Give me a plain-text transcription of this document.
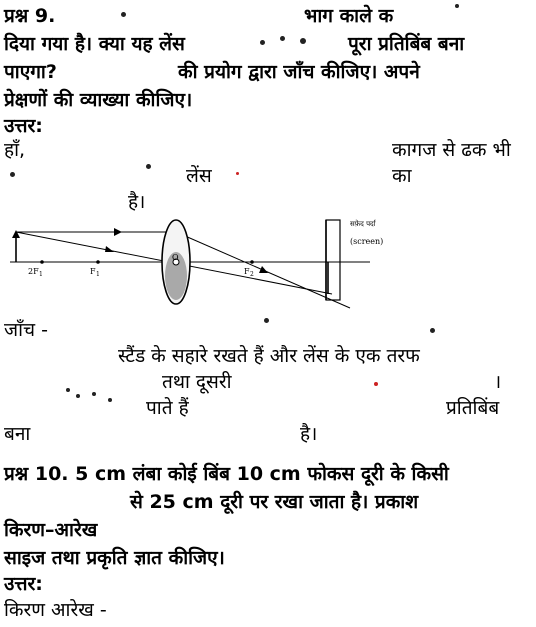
प्रश्न 9.	भाग काले क
दिया गया है। क्या यह लेंस	पूरा प्रतिबिंब बना
पाएगा?	की प्रयोग द्वारा जाँच कीजिए। अपने
प्रेक्षणों की व्याख्या कीजिए।
उत्तर:
हाँ,	कागज से ढक भी
लेंस	का
है।
2F 1	F 1
O
F 2
सफ़ेद पर्दा
(screen)
जाँच -
स्टैंड के सहारे रखते हैं और लेंस के एक तरफ
तथा दूसरी	।
पाते हैं	प्रतिबिंब
बना	है।
प्रश्न 10. 5 cm लंबा कोई बिंब 10 cm फोकस दूरी के किसी
से 25 cm दूरी पर रखा जाता है। प्रकाश
किरण–आरेख
साइज तथा प्रकृति ज्ञात कीजिए।
उत्तर:
किरण आरेख -
